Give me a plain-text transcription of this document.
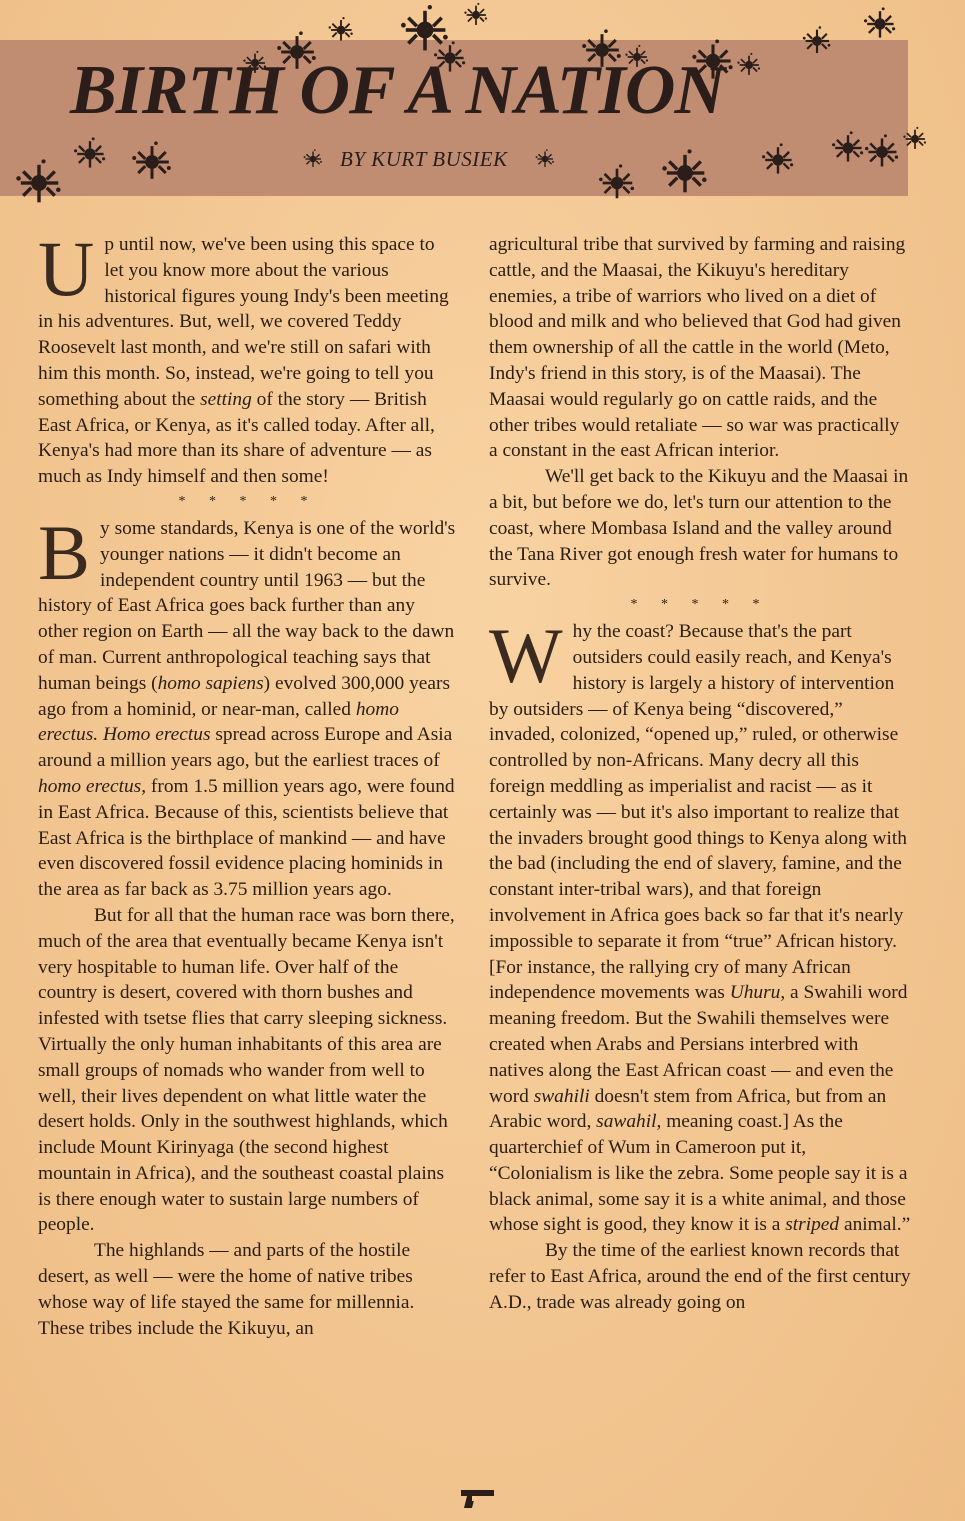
BIRTH OF A NATION
BY KURT BUSIEK

Up until now, we've been using this space to let you know more about the various historical figures young Indy's been meeting in his adventures. But, well, we covered Teddy Roosevelt last month, and we're still on safari with him this month. So, instead, we're going to tell you something about the setting of the story — British East Africa, or Kenya, as it's called today. After all, Kenya's had more than its share of adventure — as much as Indy himself and then some!

* * * * *

By some standards, Kenya is one of the world's younger nations — it didn't become an independent country until 1963 — but the history of East Africa goes back further than any other region on Earth — all the way back to the dawn of man. Current anthropological teaching says that human beings (homo sapiens) evolved 300,000 years ago from a hominid, or near-man, called homo erectus. Homo erectus spread across Europe and Asia around a million years ago, but the earliest traces of homo erectus, from 1.5 million years ago, were found in East Africa. Because of this, scientists believe that East Africa is the birthplace of mankind — and have even discovered fossil evidence placing hominids in the area as far back as 3.75 million years ago.

But for all that the human race was born there, much of the area that eventually became Kenya isn't very hospitable to human life. Over half of the country is desert, covered with thorn bushes and infested with tsetse flies that carry sleeping sickness. Virtually the only human inhabitants of this area are small groups of nomads who wander from well to well, their lives dependent on what little water the desert holds. Only in the southwest highlands, which include Mount Kirinyaga (the second highest mountain in Africa), and the southeast coastal plains is there enough water to sustain large numbers of people.

The highlands — and parts of the hostile desert, as well — were the home of native tribes whose way of life stayed the same for millennia. These tribes include the Kikuyu, an

agricultural tribe that survived by farming and raising cattle, and the Maasai, the Kikuyu's hereditary enemies, a tribe of warriors who lived on a diet of blood and milk and who believed that God had given them ownership of all the cattle in the world (Meto, Indy's friend in this story, is of the Maasai). The Maasai would regularly go on cattle raids, and the other tribes would retaliate — so war was practically a constant in the east African interior.

We'll get back to the Kikuyu and the Maasai in a bit, but before we do, let's turn our attention to the coast, where Mombasa Island and the valley around the Tana River got enough fresh water for humans to survive.

* * * * *

Why the coast? Because that's the part outsiders could easily reach, and Kenya's history is largely a history of intervention by outsiders — of Kenya being “discovered,” invaded, colonized, “opened up,” ruled, or otherwise controlled by non-Africans. Many decry all this foreign meddling as imperialist and racist — as it certainly was — but it's also important to realize that the invaders brought good things to Kenya along with the bad (including the end of slavery, famine, and the constant inter-tribal wars), and that foreign involvement in Africa goes back so far that it's nearly impossible to separate it from “true” African history. [For instance, the rallying cry of many African independence movements was Uhuru, a Swahili word meaning freedom. But the Swahili themselves were created when Arabs and Persians interbred with natives along the East African coast — and even the word swahili doesn't stem from Africa, but from an Arabic word, sawahil, meaning coast.] As the quarterchief of Wum in Cameroon put it, “Colonialism is like the zebra. Some people say it is a black animal, some say it is a white animal, and those whose sight is good, they know it is a striped animal.”

By the time of the earliest known records that refer to East Africa, around the end of the first century A.D., trade was already going on
